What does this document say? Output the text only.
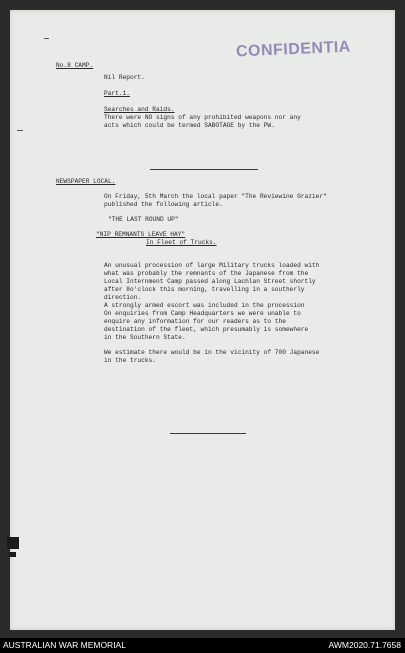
CONFIDENTIA
No.8 CAMP.
Nil Report.
Part.1.
Searches and Raids.
There were NO signs of any prohibited weapons nor any
acts which could be termed SABOTAGE by the PW.
NEWSPAPER LOCAL.
On Friday, 5th March the local paper "The Reviewine Grazier"
published the following article.
"THE LAST ROUND UP"
"NIP REMNANTS LEAVE HAY"
In Fleet of Trucks.
An unusual procession of large Military trucks loaded with
what was probably the remnants of the Japanese from the
Local Internment Camp passed along Lachlan Street shortly
after 8o'clock this morning, travelling in a southerly
direction.
A strongly armed escort was included in the procession
On enquiries from Camp Headquarters we were unable to
enquire any information for our readers as to the
destination of the fleet, which presumably is somewhere
in the Southern State.
We estimate there would be in the vicinity of 700 Japanese
in the trucks.
AUSTRALIAN WAR MEMORIAL	AWM2020.71.7658
